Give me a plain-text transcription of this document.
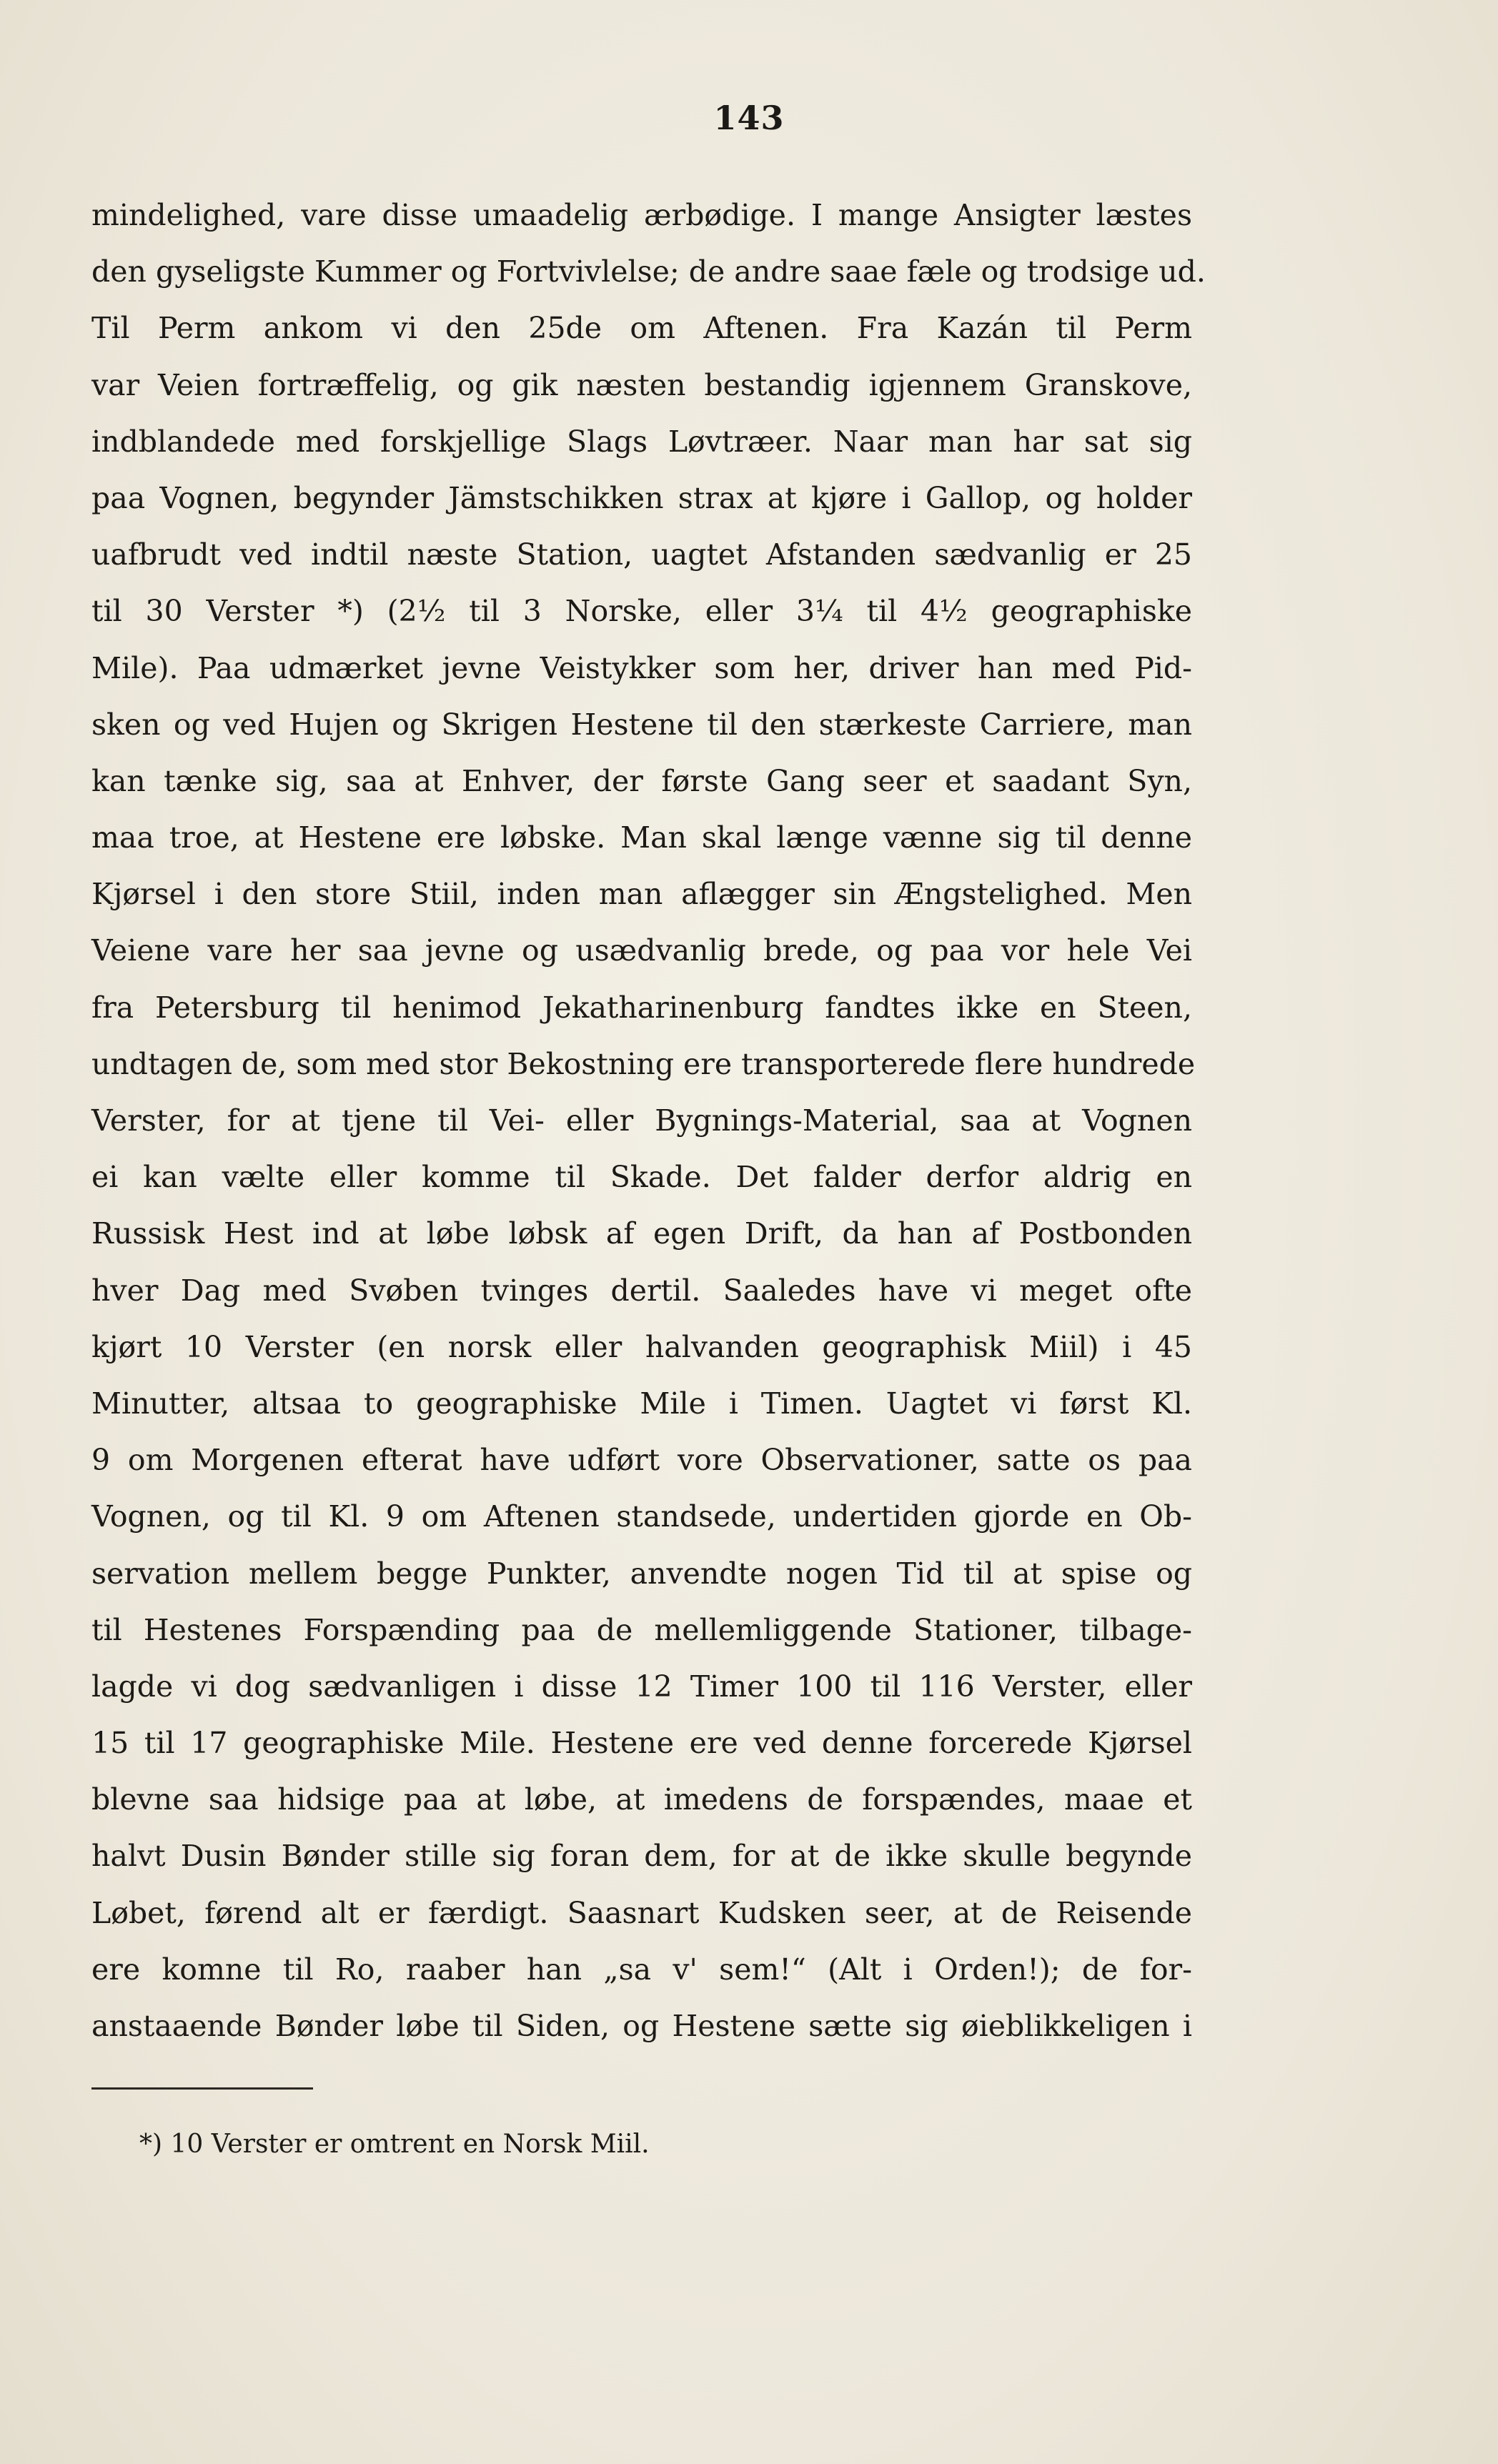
143
mindelighed, vare disse umaadelig ærbødige. I mange Ansigter læstes
den gyseligste Kummer og Fortvivlelse; de andre saae fæle og trodsige ud.
Til Perm ankom vi den 25de om Aftenen. Fra Kazán til Perm
var Veien fortræffelig, og gik næsten bestandig igjennem Granskove,
indblandede med forskjellige Slags Løvtræer. Naar man har sat sig
paa Vognen, begynder Jämstschikken strax at kjøre i Gallop, og holder
uafbrudt ved indtil næste Station, uagtet Afstanden sædvanlig er 25
til 30 Verster *) (2½ til 3 Norske, eller 3¼ til 4½ geographiske
Mile). Paa udmærket jevne Veistykker som her, driver han med Pid-
sken og ved Hujen og Skrigen Hestene til den stærkeste Carriere, man
kan tænke sig, saa at Enhver, der første Gang seer et saadant Syn,
maa troe, at Hestene ere løbske. Man skal længe vænne sig til denne
Kjørsel i den store Stiil, inden man aflægger sin Ængstelighed. Men
Veiene vare her saa jevne og usædvanlig brede, og paa vor hele Vei
fra Petersburg til henimod Jekatharinenburg fandtes ikke en Steen,
undtagen de, som med stor Bekostning ere transporterede flere hundrede
Verster, for at tjene til Vei- eller Bygnings-Material, saa at Vognen
ei kan vælte eller komme til Skade. Det falder derfor aldrig en
Russisk Hest ind at løbe løbsk af egen Drift, da han af Postbonden
hver Dag med Svøben tvinges dertil. Saaledes have vi meget ofte
kjørt 10 Verster (en norsk eller halvanden geographisk Miil) i 45
Minutter, altsaa to geographiske Mile i Timen. Uagtet vi først Kl.
9 om Morgenen efterat have udført vore Observationer, satte os paa
Vognen, og til Kl. 9 om Aftenen standsede, undertiden gjorde en Ob-
servation mellem begge Punkter, anvendte nogen Tid til at spise og
til Hestenes Forspænding paa de mellemliggende Stationer, tilbage-
lagde vi dog sædvanligen i disse 12 Timer 100 til 116 Verster, eller
15 til 17 geographiske Mile. Hestene ere ved denne forcerede Kjørsel
blevne saa hidsige paa at løbe, at imedens de forspændes, maae et
halvt Dusin Bønder stille sig foran dem, for at de ikke skulle begynde
Løbet, førend alt er færdigt. Saasnart Kudsken seer, at de Reisende
ere komne til Ro, raaber han „sa v' sem!“ (Alt i Orden!); de for-
anstaaende Bønder løbe til Siden, og Hestene sætte sig øieblikkeligen i
*) 10 Verster er omtrent en Norsk Miil.
